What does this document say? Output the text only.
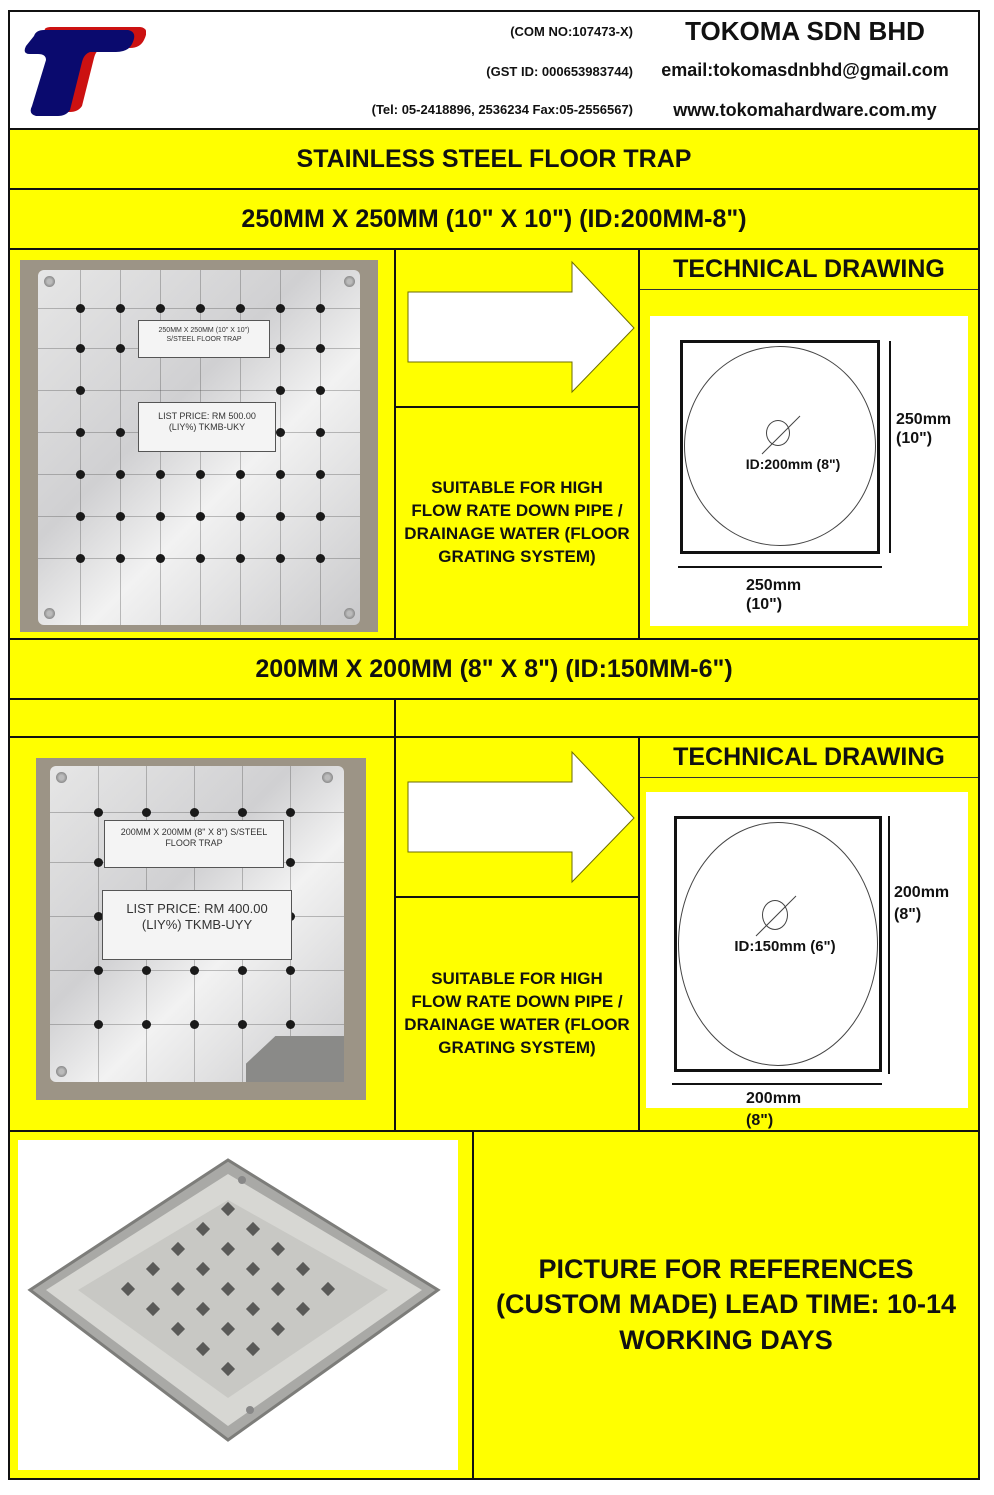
(COM NO:107473-X)
(GST ID: 000653983744)
(Tel: 05-2418896, 2536234 Fax:05-2556567)
TOKOMA SDN BHD
email:tokomasdnbhd@gmail.com
www.tokomahardware.com.my
STAINLESS STEEL FLOOR TRAP
250MM X 250MM (10" X 10") (ID:200MM-8")
250MM X 250MM (10" X 10")
S/STEEL FLOOR TRAP
LIST PRICE: RM 500.00
(LIY%) TKMB-UKY
SUITABLE FOR HIGH FLOW RATE DOWN PIPE / DRAINAGE WATER (FLOOR GRATING SYSTEM)
TECHNICAL DRAWING
ID:200mm (8")
250mm
(10")
250mm
(10")
200MM X 200MM (8" X 8") (ID:150MM-6")
200MM X 200MM (8" X 8") S/STEEL
FLOOR TRAP
LIST PRICE: RM 400.00
(LIY%) TKMB-UYY
SUITABLE FOR HIGH FLOW RATE DOWN PIPE / DRAINAGE WATER (FLOOR GRATING SYSTEM)
TECHNICAL DRAWING
ID:150mm (6")
200mm
(8")
200mm
(8")
PICTURE FOR REFERENCES
(CUSTOM MADE) LEAD TIME: 10-14
WORKING DAYS
